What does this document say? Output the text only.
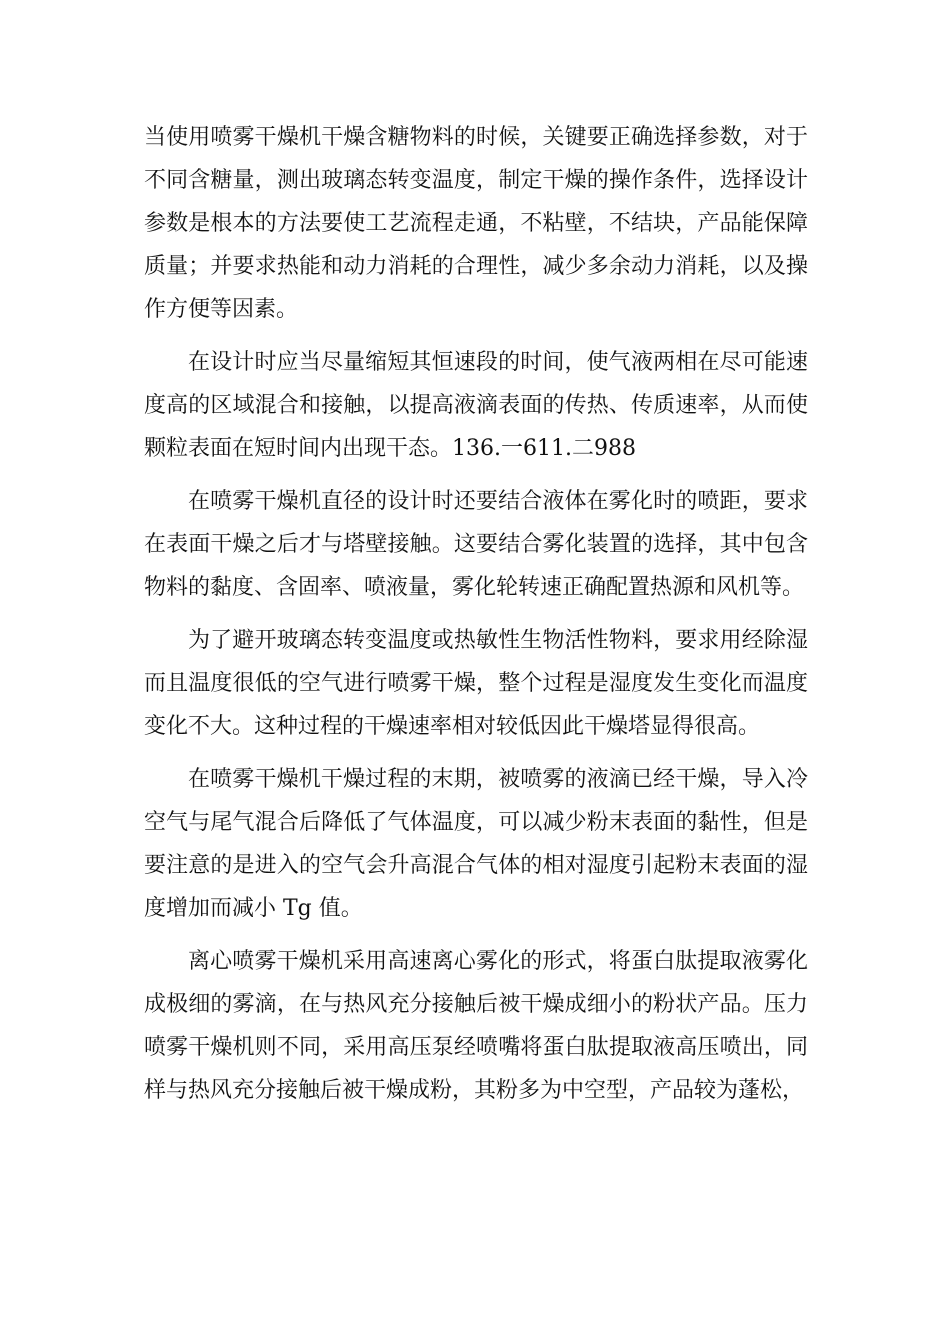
当使用喷雾干燥机干燥含糖物料的时候，关键要正确选择参数，对于不同含糖量，测出玻璃态转变温度，制定干燥的操作条件，选择设计参数是根本的方法要使工艺流程走通，不粘壁，不结块，产品能保障质量；并要求热能和动力消耗的合理性，减少多余动力消耗，以及操作方便等因素。

在设计时应当尽量缩短其恒速段的时间，使气液两相在尽可能速度高的区域混合和接触，以提高液滴表面的传热、传质速率，从而使颗粒表面在短时间内出现干态。136.一611.二988

在喷雾干燥机直径的设计时还要结合液体在雾化时的喷距，要求在表面干燥之后才与塔壁接触。这要结合雾化装置的选择，其中包含物料的黏度、含固率、喷液量，雾化轮转速正确配置热源和风机等。

为了避开玻璃态转变温度或热敏性生物活性物料，要求用经除湿而且温度很低的空气进行喷雾干燥，整个过程是湿度发生变化而温度变化不大。这种过程的干燥速率相对较低因此干燥塔显得很高。

在喷雾干燥机干燥过程的末期，被喷雾的液滴已经干燥，导入冷空气与尾气混合后降低了气体温度，可以减少粉末表面的黏性，但是要注意的是进入的空气会升高混合气体的相对湿度引起粉末表面的湿度增加而减小 Tg 值。

离心喷雾干燥机采用高速离心雾化的形式，将蛋白肽提取液雾化成极细的雾滴，在与热风充分接触后被干燥成细小的粉状产品。压力喷雾干燥机则不同，采用高压泵经喷嘴将蛋白肽提取液高压喷出，同样与热风充分接触后被干燥成粉，其粉多为中空型，产品较为蓬松，
